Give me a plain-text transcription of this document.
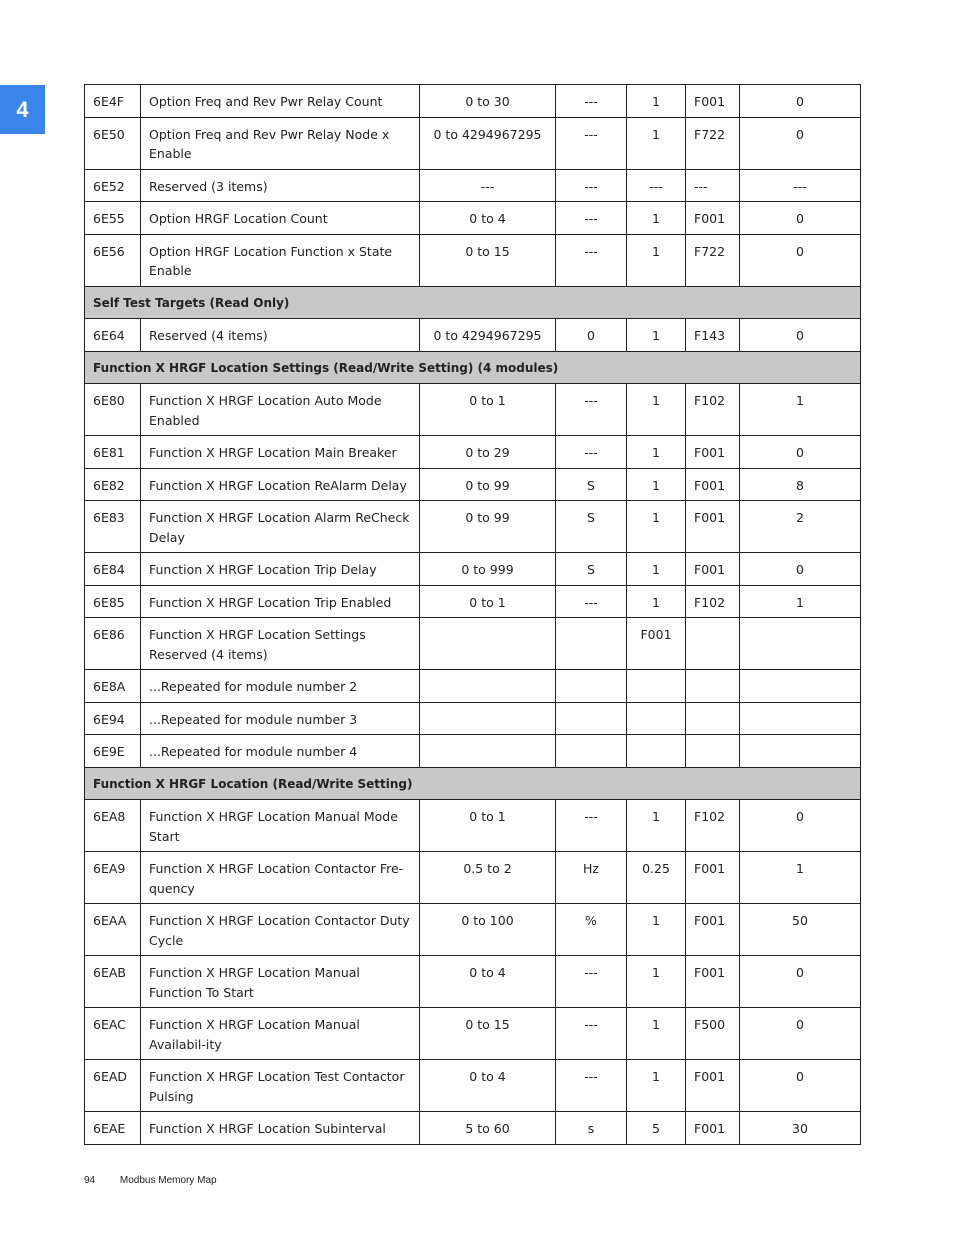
4	6E4F	Option Freq and Rev Pwr Relay Count	0 to 30	---	1	F001	0
6E50	Option Freq and Rev Pwr Relay Node x Enable	0 to 4294967295	---	1	F722	0
6E52	Reserved (3 items)	---	---	---	---	---
6E55	Option HRGF Location Count	0 to 4	---	1	F001	0
6E56	Option HRGF Location Function x State Enable	0 to 15	---	1	F722	0
Self Test Targets (Read Only)						
6E64	Reserved (4 items)	0 to 4294967295	0	1	F143	0
Function X HRGF Location Settings (Read/Write Setting) (4 modules)						
6E80	Function X HRGF Location Auto Mode Enabled	0 to 1	---	1	F102	1
6E81	Function X HRGF Location Main Breaker	0 to 29	---	1	F001	0
6E82	Function X HRGF Location ReAlarm Delay	0 to 99	S	1	F001	8
6E83	Function X HRGF Location Alarm ReCheck Delay	0 to 99	S	1	F001	2
6E84	Function X HRGF Location Trip Delay	0 to 999	S	1	F001	0
6E85	Function X HRGF Location Trip Enabled	0 to 1	---	1	F102	1
6E86	Function X HRGF Location Settings Reserved (4 items)			F001		
6E8A	...Repeated for module number 2					
6E94	...Repeated for module number 3					
6E9E	...Repeated for module number 4					
Function X HRGF Location (Read/Write Setting)						
6EA8	Function X HRGF Location Manual Mode Start	0 to 1	---	1	F102	0
6EA9	Function X HRGF Location Contactor Fre-quency	0.5 to 2	Hz	0.25	F001	1
6EAA	Function X HRGF Location Contactor Duty Cycle	0 to 100	%	1	F001	50
6EAB	Function X HRGF Location Manual Function To Start	0 to 4	---	1	F001	0
6EAC	Function X HRGF Location Manual Availabil-ity	0 to 15	---	1	F500	0
6EAD	Function X HRGF Location Test Contactor Pulsing	0 to 4	---	1	F001	0
6EAE	Function X HRGF Location Subinterval	5 to 60	s	5	F001	30
94 Modbus Memory Map
